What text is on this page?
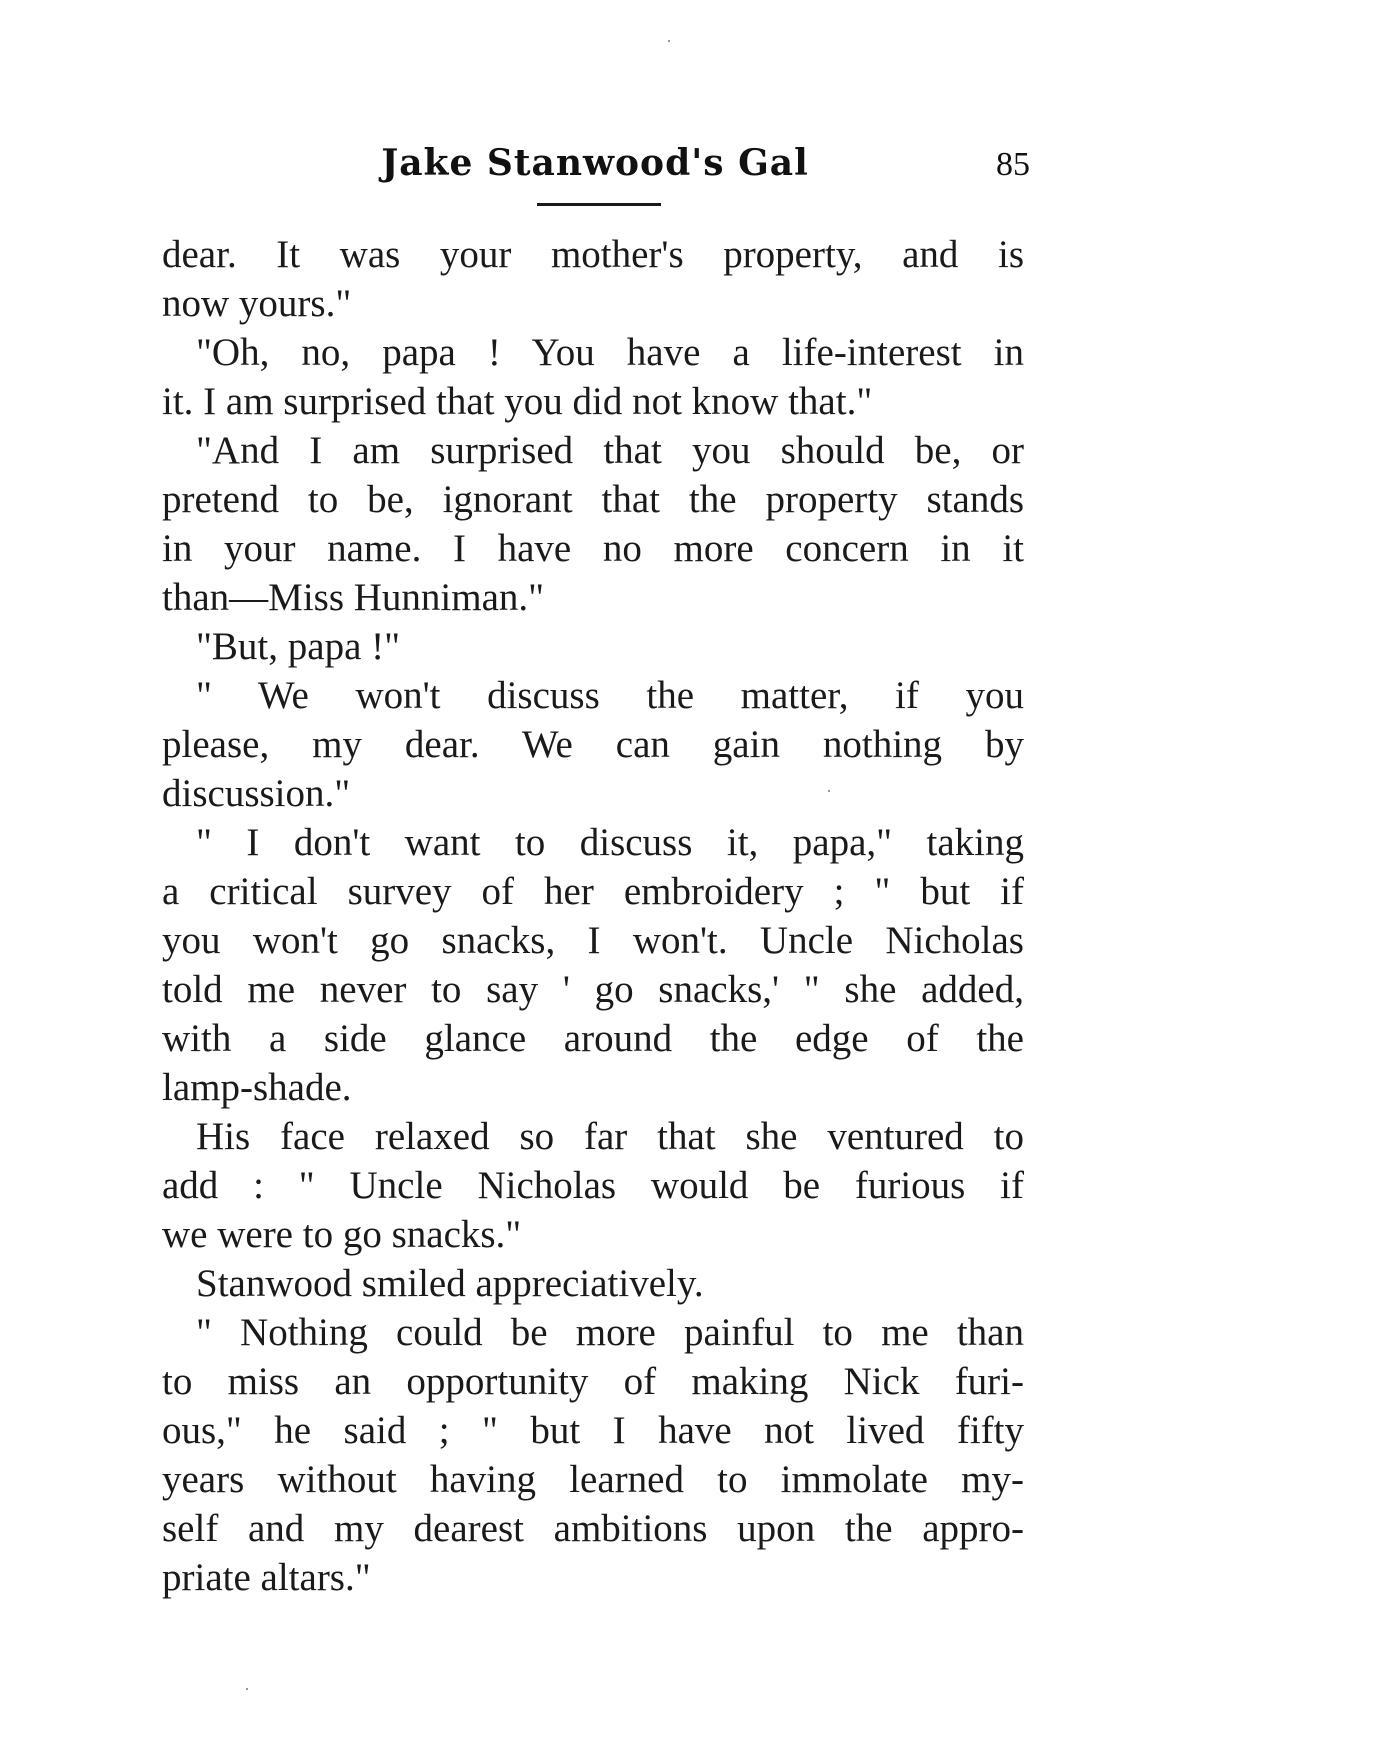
Jake Stanwood's Gal	85
dear. It was your mother's property, and is
now yours."
"Oh, no, papa ! You have a life-interest in
it. I am surprised that you did not know that."
"And I am surprised that you should be, or
pretend to be, ignorant that the property stands
in your name. I have no more concern in it
than—Miss Hunniman."
"But, papa !"
" We won't discuss the matter, if you
please, my dear. We can gain nothing by
discussion."
" I don't want to discuss it, papa," taking
a critical survey of her embroidery ; " but if
you won't go snacks, I won't. Uncle Nicholas
told me never to say ' go snacks,' " she added,
with a side glance around the edge of the
lamp-shade.
His face relaxed so far that she ventured to
add : " Uncle Nicholas would be furious if
we were to go snacks."
Stanwood smiled appreciatively.
" Nothing could be more painful to me than
to miss an opportunity of making Nick furi-
ous," he said ; " but I have not lived fifty
years without having learned to immolate my-
self and my dearest ambitions upon the appro-
priate altars."
